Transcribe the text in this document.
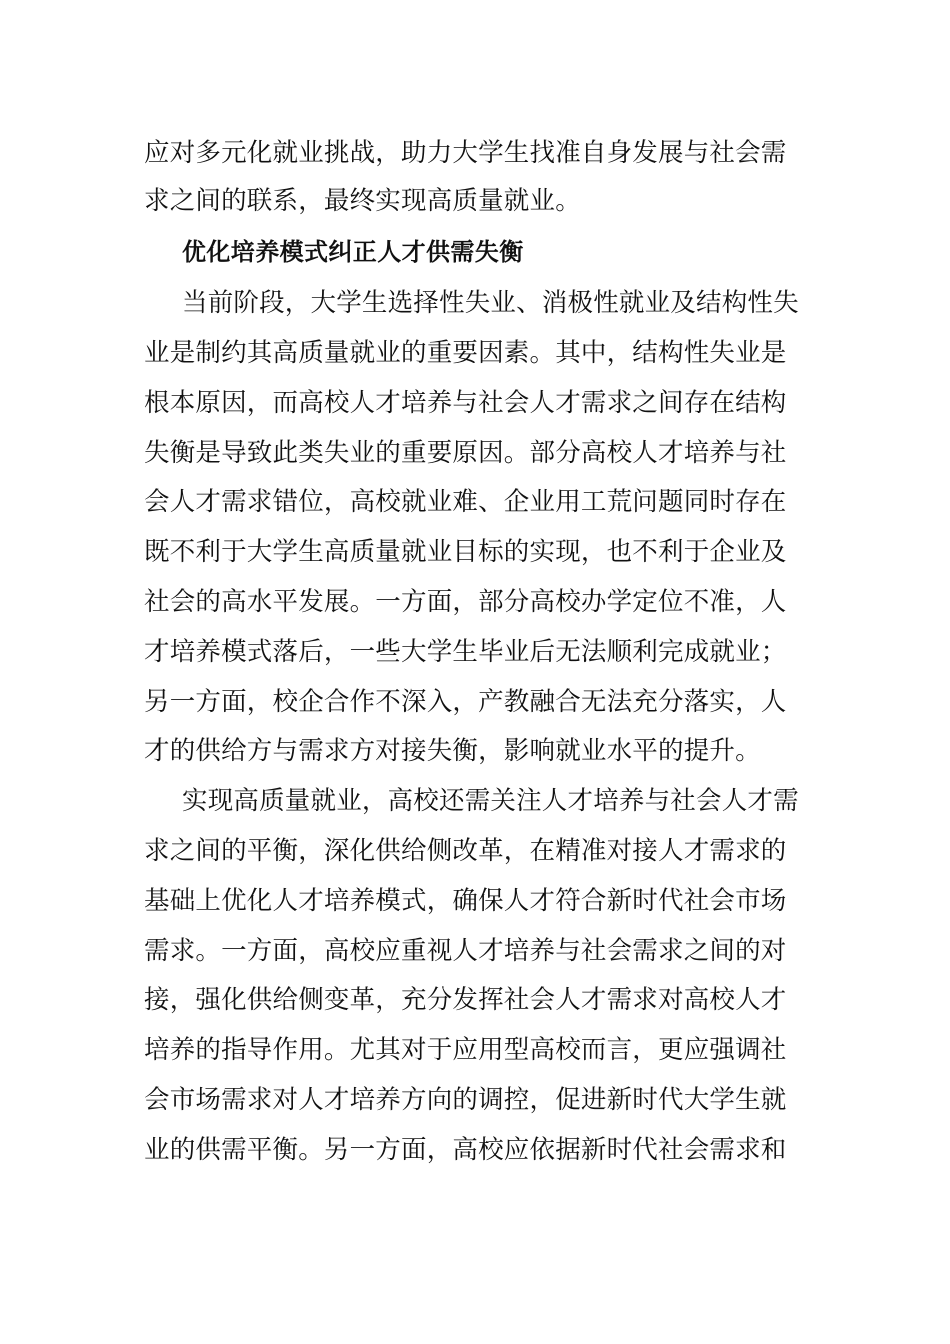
应对多元化就业挑战，助力大学生找准自身发展与社会需
求之间的联系，最终实现高质量就业。
优化培养模式纠正人才供需失衡
当前阶段，大学生选择性失业、消极性就业及结构性失
业是制约其高质量就业的重要因素。其中，结构性失业是
根本原因，而高校人才培养与社会人才需求之间存在结构
失衡是导致此类失业的重要原因。部分高校人才培养与社
会人才需求错位，高校就业难、企业用工荒问题同时存在
既不利于大学生高质量就业目标的实现，也不利于企业及
社会的高水平发展。一方面，部分高校办学定位不准，人
才培养模式落后，一些大学生毕业后无法顺利完成就业；
另一方面，校企合作不深入，产教融合无法充分落实，人
才的供给方与需求方对接失衡，影响就业水平的提升。
实现高质量就业，高校还需关注人才培养与社会人才需
求之间的平衡，深化供给侧改革，在精准对接人才需求的
基础上优化人才培养模式，确保人才符合新时代社会市场
需求。一方面，高校应重视人才培养与社会需求之间的对
接，强化供给侧变革，充分发挥社会人才需求对高校人才
培养的指导作用。尤其对于应用型高校而言，更应强调社
会市场需求对人才培养方向的调控，促进新时代大学生就
业的供需平衡。另一方面，高校应依据新时代社会需求和
